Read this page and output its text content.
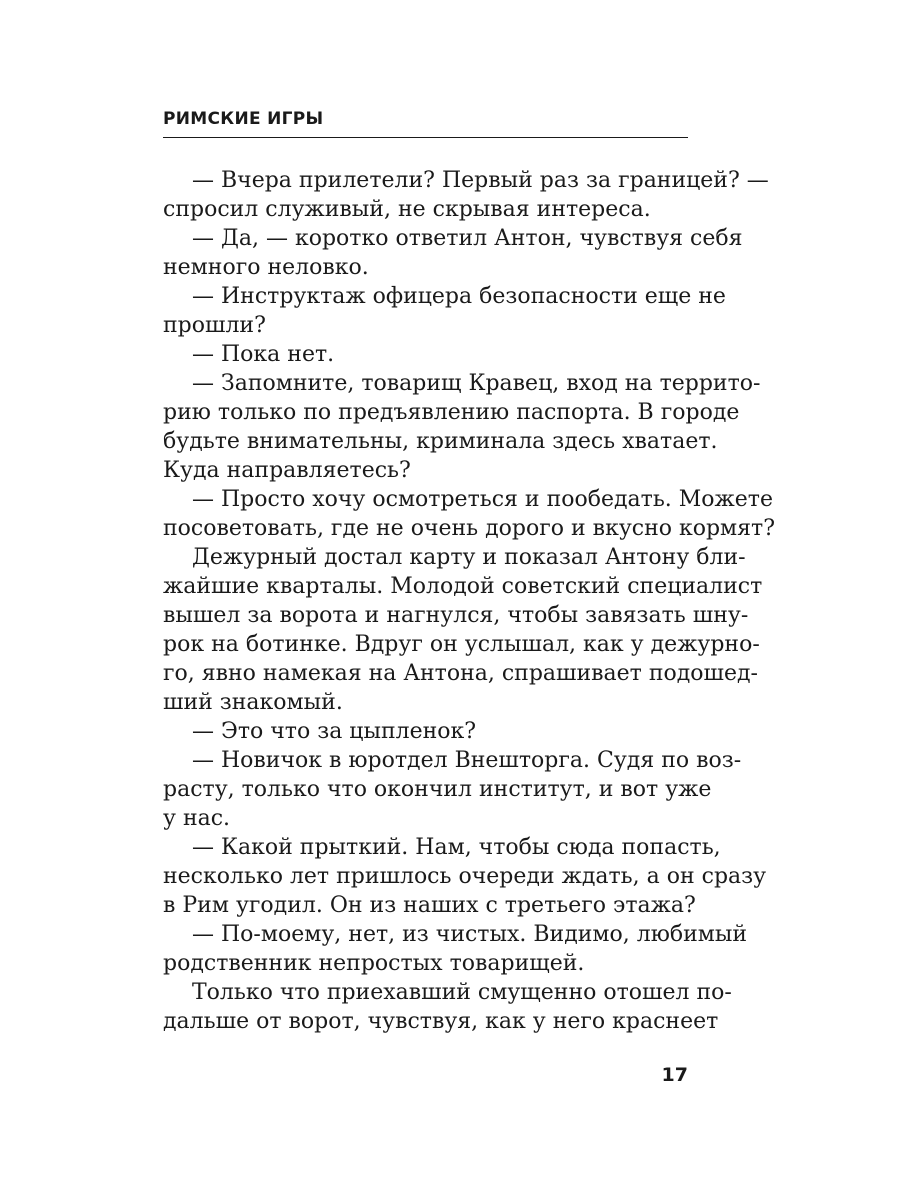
РИМСКИЕ ИГРЫ
— Вчера прилетели? Первый раз за границей? —
спросил служивый, не скрывая интереса.
— Да, — коротко ответил Антон, чувствуя себя
немного неловко.
— Инструктаж офицера безопасности еще не
прошли?
— Пока нет.
— Запомните, товарищ Кравец, вход на террито-
рию только по предъявлению паспорта. В городе
будьте внимательны, криминала здесь хватает.
Куда направляетесь?
— Просто хочу осмотреться и пообедать. Можете
посоветовать, где не очень дорого и вкусно кормят?
Дежурный достал карту и показал Антону бли-
жайшие кварталы. Молодой советский специалист
вышел за ворота и нагнулся, чтобы завязать шну-
рок на ботинке. Вдруг он услышал, как у дежурно-
го, явно намекая на Антона, спрашивает подошед-
ший знакомый.
— Это что за цыпленок?
— Новичок в юротдел Внешторга. Судя по воз-
расту, только что окончил институт, и вот уже
у нас.
— Какой прыткий. Нам, чтобы сюда попасть,
несколько лет пришлось очереди ждать, а он сразу
в Рим угодил. Он из наших с третьего этажа?
— По-моему, нет, из чистых. Видимо, любимый
родственник непростых товарищей.
Только что приехавший смущенно отошел по-
дальше от ворот, чувствуя, как у него краснеет
17
